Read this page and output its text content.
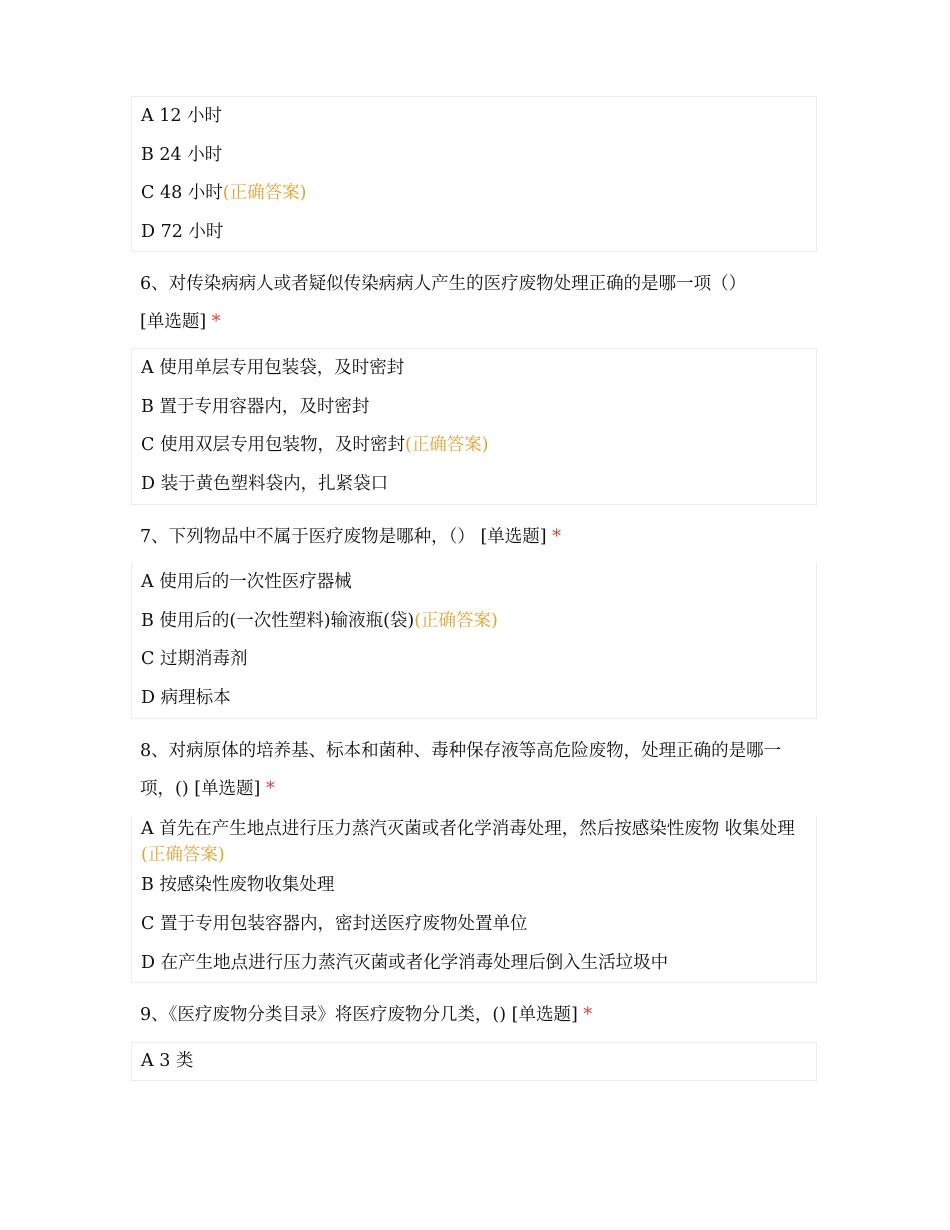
A 12 小时
B 24 小时
C 48 小时(正确答案)
D 72 小时
6、对传染病病人或者疑似传染病病人产生的医疗废物处理正确的是哪一项（）
[单选题] *
A 使用单层专用包装袋，及时密封
B 置于专用容器内，及时密封
C 使用双层专用包装物，及时密封(正确答案)
D 装于黄色塑料袋内，扎紧袋口
7、下列物品中不属于医疗废物是哪种，（） [单选题] *
A 使用后的一次性医疗器械
B 使用后的(一次性塑料)输液瓶(袋)(正确答案)
C 过期消毒剂
D 病理标本
8、对病原体的培养基、标本和菌种、毒种保存液等高危险废物，处理正确的是哪一项，() [单选题] *
A 首先在产生地点进行压力蒸汽灭菌或者化学消毒处理，然后按感染性废物 收集处理(正确答案)
B 按感染性废物收集处理
C 置于专用包装容器内，密封送医疗废物处置单位
D 在产生地点进行压力蒸汽灭菌或者化学消毒处理后倒入生活垃圾中
9、《医疗废物分类目录》将医疗废物分几类，() [单选题] *
A 3 类
